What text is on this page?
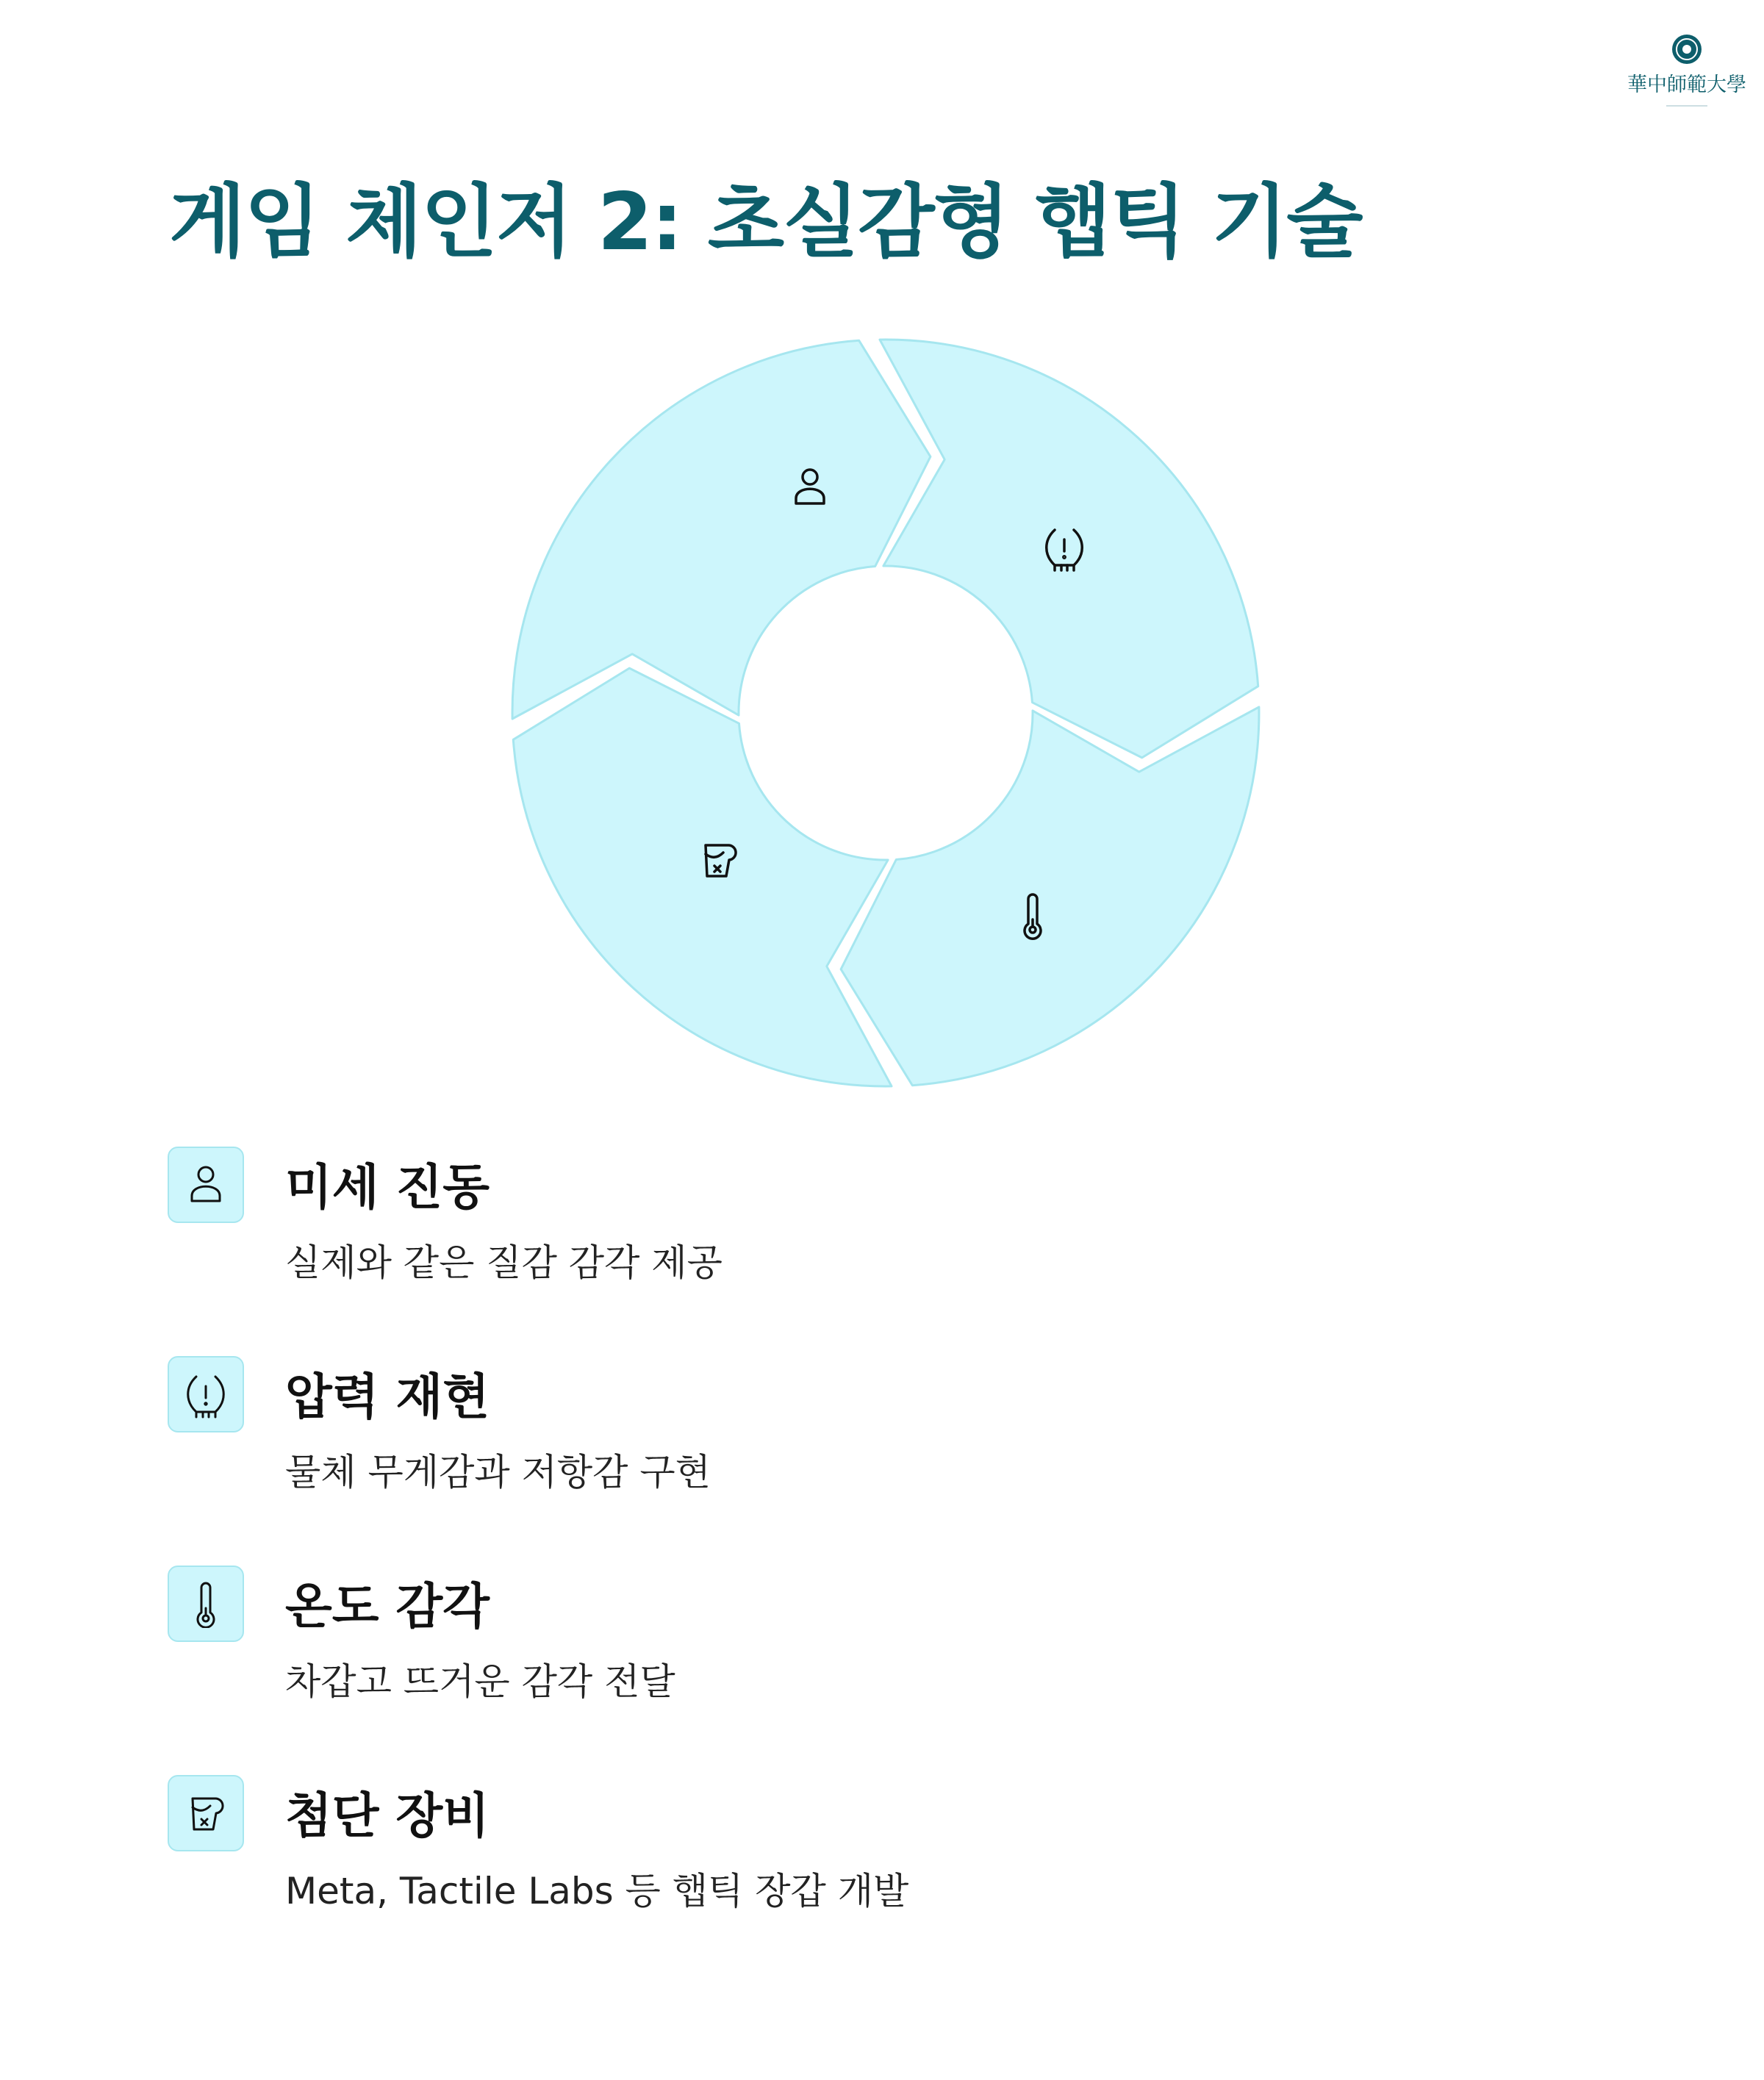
華中師範大學
게임 체인저 2: 초실감형 햅틱 기술
미세 진동
실제와 같은 질감 감각 제공
압력 재현
물체 무게감과 저항감 구현
온도 감각
차갑고 뜨거운 감각 전달
첨단 장비
Meta, Tactile Labs 등 햅틱 장갑 개발
